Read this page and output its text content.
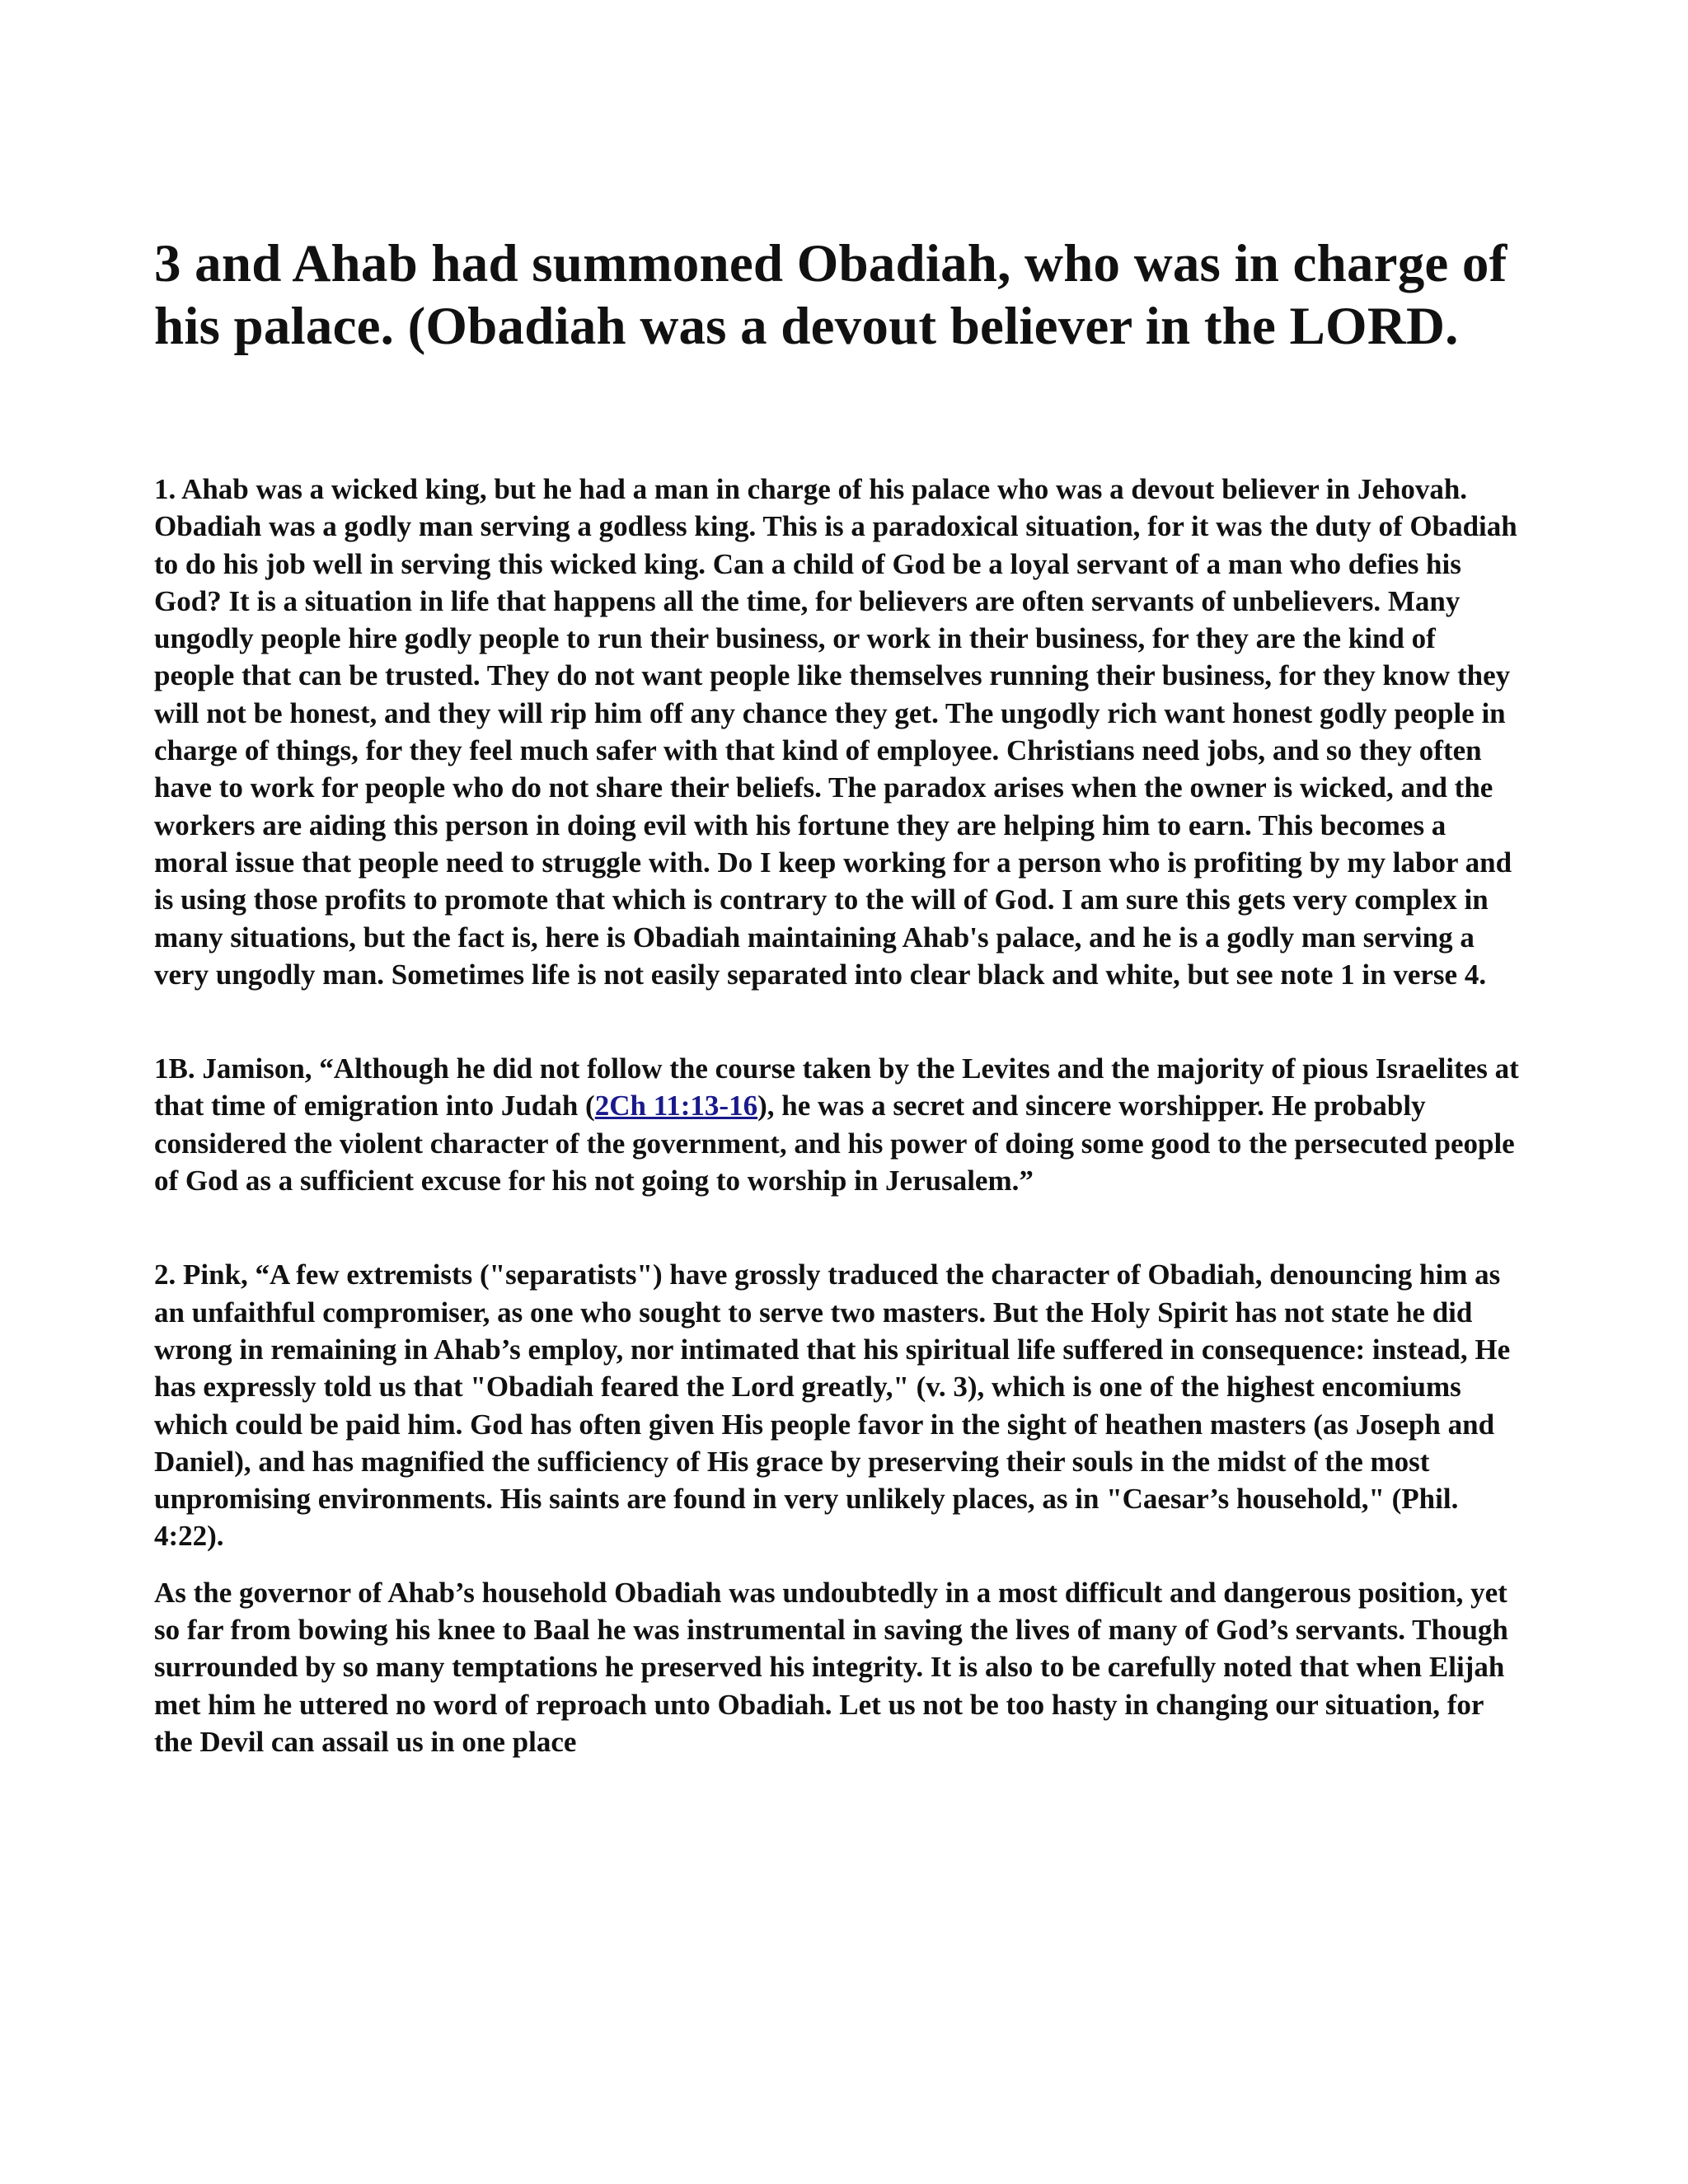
3 and Ahab had summoned Obadiah, who was in charge of his palace. (Obadiah was a devout believer in the LORD.

1. Ahab was a wicked king, but he had a man in charge of his palace who was a devout believer in Jehovah. Obadiah was a godly man serving a godless king. This is a paradoxical situation, for it was the duty of Obadiah to do his job well in serving this wicked king. Can a child of God be a loyal servant of a man who defies his God? It is a situation in life that happens all the time, for believers are often servants of unbelievers. Many ungodly people hire godly people to run their business, or work in their business, for they are the kind of people that can be trusted. They do not want people like themselves running their business, for they know they will not be honest, and they will rip him off any chance they get. The ungodly rich want honest godly people in charge of things, for they feel much safer with that kind of employee. Christians need jobs, and so they often have to work for people who do not share their beliefs. The paradox arises when the owner is wicked, and the workers are aiding this person in doing evil with his fortune they are helping him to earn. This becomes a moral issue that people need to struggle with. Do I keep working for a person who is profiting by my labor and is using those profits to promote that which is contrary to the will of God. I am sure this gets very complex in many situations, but the fact is, here is Obadiah maintaining Ahab's palace, and he is a godly man serving a very ungodly man. Sometimes life is not easily separated into clear black and white, but see note 1 in verse 4.

1B. Jamison, “Although he did not follow the course taken by the Levites and the majority of pious Israelites at that time of emigration into Judah (2Ch 11:13-16), he was a secret and sincere worshipper. He probably considered the violent character of the government, and his power of doing some good to the persecuted people of God as a sufficient excuse for his not going to worship in Jerusalem.”

2. Pink, “A few extremists ("separatists") have grossly traduced the character of Obadiah, denouncing him as an unfaithful compromiser, as one who sought to serve two masters. But the Holy Spirit has not state he did wrong in remaining in Ahab’s employ, nor intimated that his spiritual life suffered in consequence: instead, He has expressly told us that "Obadiah feared the Lord greatly," (v. 3), which is one of the highest encomiums which could be paid him. God has often given His people favor in the sight of heathen masters (as Joseph and Daniel), and has magnified the sufficiency of His grace by preserving their souls in the midst of the most unpromising environments. His saints are found in very unlikely places, as in "Caesar’s household," (Phil. 4:22).

As the governor of Ahab’s household Obadiah was undoubtedly in a most difficult and dangerous position, yet so far from bowing his knee to Baal he was instrumental in saving the lives of many of God’s servants. Though surrounded by so many temptations he preserved his integrity. It is also to be carefully noted that when Elijah met him he uttered no word of reproach unto Obadiah. Let us not be too hasty in changing our situation, for the Devil can assail us in one place
